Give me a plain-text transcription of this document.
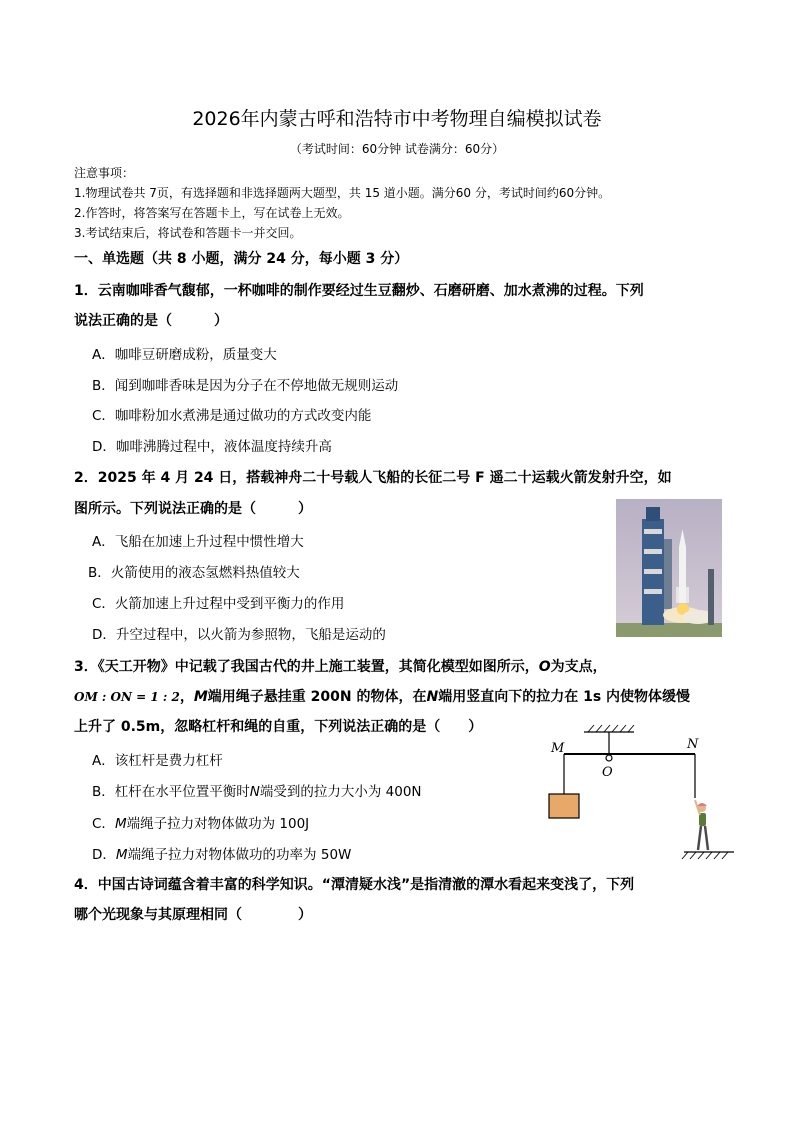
2026年内蒙古呼和浩特市中考物理自编模拟试卷
（考试时间：60分钟 试卷满分：60分）
注意事项：
1.物理试卷共 7页，有选择题和非选择题两大题型，共 15 道小题。满分60 分，考试时间约60分钟。
2.作答时，将答案写在答题卡上，写在试卷上无效。
3.考试结束后，将试卷和答题卡一并交回。
一、单选题（共 8 小题，满分 24 分，每小题 3 分）
1．云南咖啡香气馥郁，一杯咖啡的制作要经过生豆翻炒、石磨研磨、加水煮沸的过程。下列
说法正确的是（　　　）
A．咖啡豆研磨成粉，质量变大
B．闻到咖啡香味是因为分子在不停地做无规则运动
C．咖啡粉加水煮沸是通过做功的方式改变内能
D．咖啡沸腾过程中，液体温度持续升高
2．2025 年 4 月 24 日，搭载神舟二十号载人飞船的长征二号 F 遥二十运载火箭发射升空，如
图所示。下列说法正确的是（　　　）
A．飞船在加速上升过程中惯性增大
B．火箭使用的液态氢燃料热值较大
C．火箭加速上升过程中受到平衡力的作用
D．升空过程中，以火箭为参照物，飞船是运动的
3．《天工开物》中记载了我国古代的井上施工装置，其简化模型如图所示，O为支点，
OM : ON = 1 : 2，M端用绳子悬挂重 200N 的物体，在N端用竖直向下的拉力在 1s 内使物体缓慢
上升了 0.5m，忽略杠杆和绳的自重，下列说法正确的是（　　）
A．该杠杆是费力杠杆
B．杠杆在水平位置平衡时N端受到的拉力大小为 400N
C．M端绳子拉力对物体做功为 100J
D．M端绳子拉力对物体做功的功率为 50W
M
O
N
4．中国古诗词蕴含着丰富的科学知识。“潭清疑水浅”是指清澈的潭水看起来变浅了，下列
哪个光现象与其原理相同（　　　　）
